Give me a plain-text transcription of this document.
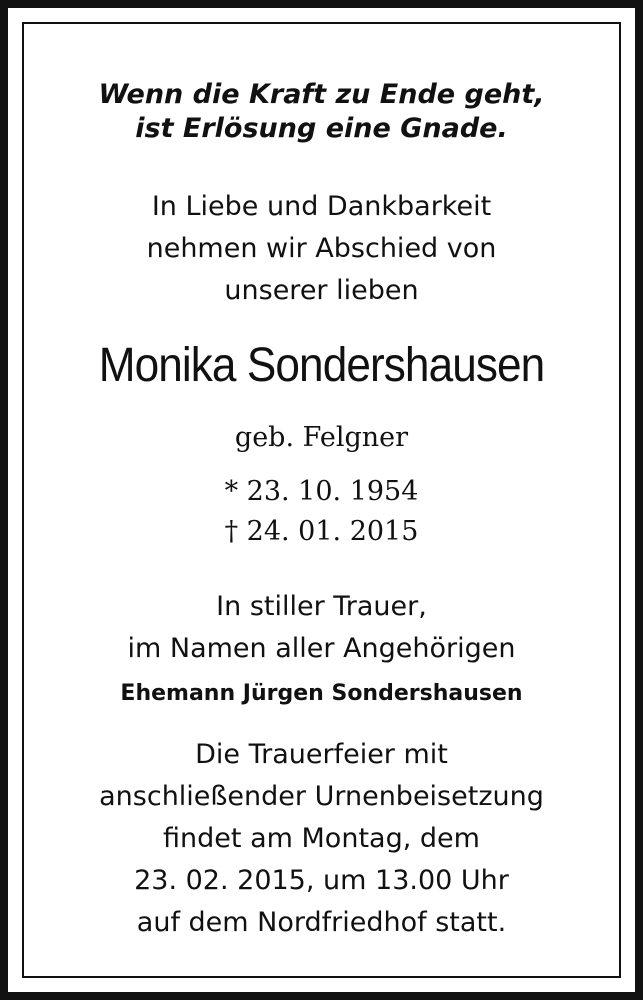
Wenn die Kraft zu Ende geht,
ist Erlösung eine Gnade.
In Liebe und Dankbarkeit
nehmen wir Abschied von
unserer lieben
Monika Sondershausen
geb. Felgner
* 23. 10. 1954
† 24. 01. 2015
In stiller Trauer,
im Namen aller Angehörigen
Ehemann Jürgen Sondershausen
Die Trauerfeier mit
anschließender Urnenbeisetzung
findet am Montag, dem
23. 02. 2015, um 13.00 Uhr
auf dem Nordfriedhof statt.
